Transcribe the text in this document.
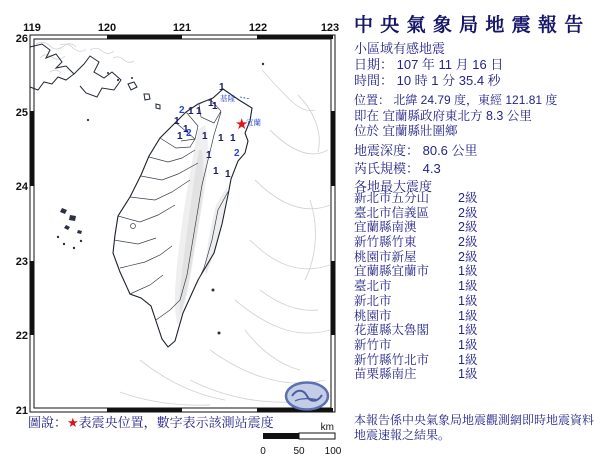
119	120	121	122	123
26
25
24
23
22
21
1
1
1 1 1
2
1
1
1 2 1 1 1
1 2
1 1
基隆
宜蘭
★
km
0	50 100
圖說：★表震央位置，數字表示該測站震度
中 央 氣 象 局 地 震 報 告
小區域有感地震
日期： 107 年 11 月 16 日
時間： 10 時 1 分 35.4 秒
位置： 北緯 24.79 度，東經 121.81 度
即在 宜蘭縣政府東北方 8.3 公里
位於 宜蘭縣壯圍鄉
地震深度： 80.6 公里
芮氏規模： 4.3
各地最大震度
新北市五分山	2級
臺北市信義區	2級
宜蘭縣南澳	2級
新竹縣竹東	2級
桃園市新屋	2級
宜蘭縣宜蘭市	1級
臺北市	1級
新北市	1級
桃園市	1級
花蓮縣太魯閣	1級
新竹市	1級
新竹縣竹北市	1級
苗栗縣南庄	1級
本報告係中央氣象局地震觀測網即時地震資料地震速報之結果。
